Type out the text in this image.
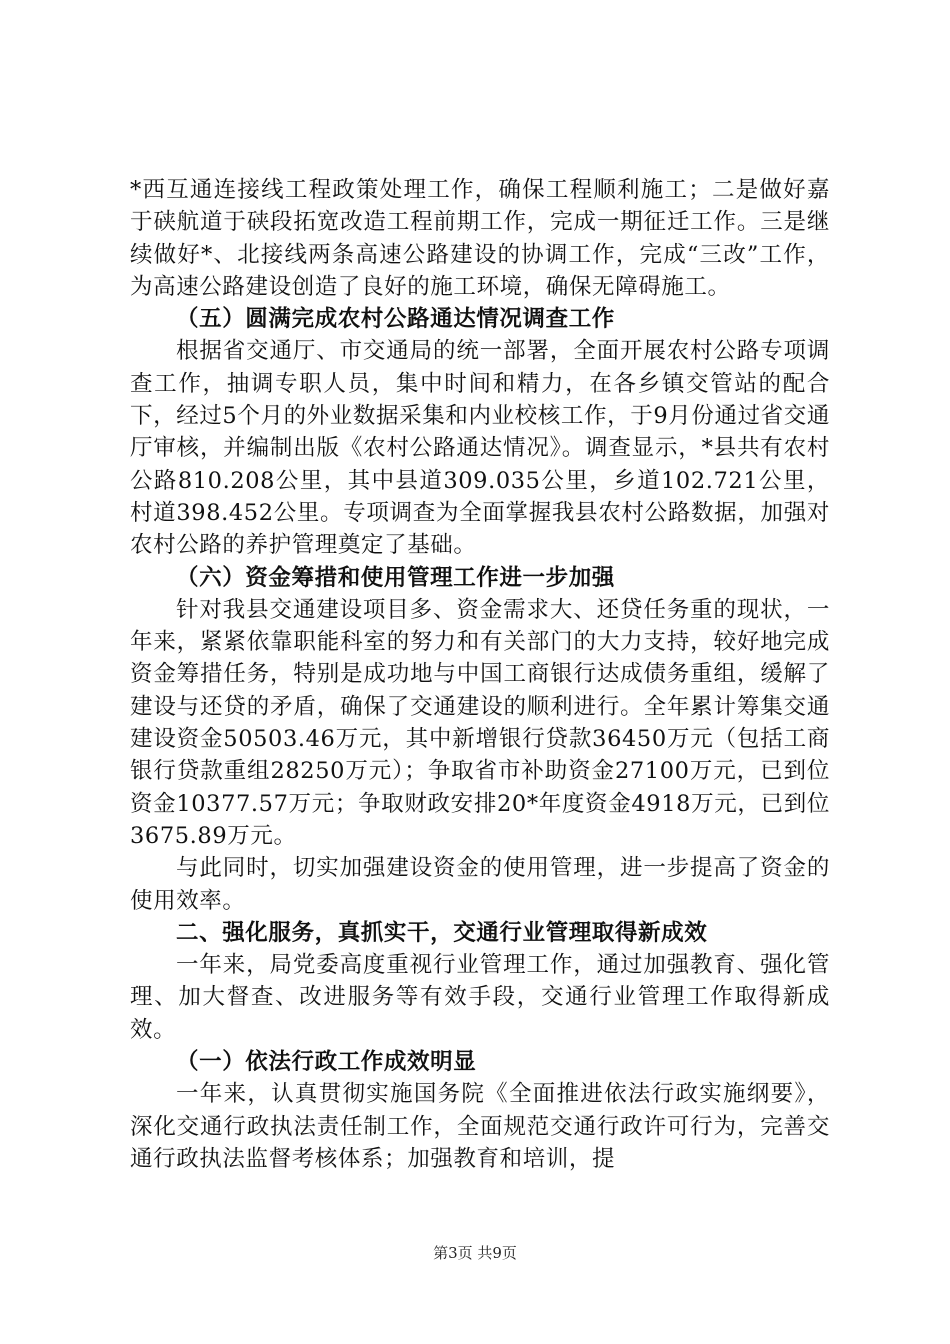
*西互通连接线工程政策处理工作，确保工程顺利施工；二是做好嘉于硖航道于硖段拓宽改造工程前期工作，完成一期征迁工作。三是继续做好*、北接线两条高速公路建设的协调工作，完成“三改”工作，为高速公路建设创造了良好的施工环境，确保无障碍施工。

（五）圆满完成农村公路通达情况调查工作

根据省交通厅、市交通局的统一部署，全面开展农村公路专项调查工作，抽调专职人员，集中时间和精力，在各乡镇交管站的配合下，经过5个月的外业数据采集和内业校核工作，于9月份通过省交通厅审核，并编制出版《农村公路通达情况》。调查显示，*县共有农村公路810.208公里，其中县道309.035公里，乡道102.721公里，村道398.452公里。专项调查为全面掌握我县农村公路数据，加强对农村公路的养护管理奠定了基础。

（六）资金筹措和使用管理工作进一步加强

针对我县交通建设项目多、资金需求大、还贷任务重的现状，一年来，紧紧依靠职能科室的努力和有关部门的大力支持，较好地完成资金筹措任务，特别是成功地与中国工商银行达成债务重组，缓解了建设与还贷的矛盾，确保了交通建设的顺利进行。全年累计筹集交通建设资金50503.46万元，其中新增银行贷款36450万元（包括工商银行贷款重组28250万元）；争取省市补助资金27100万元，已到位资金10377.57万元；争取财政安排20*年度资金4918万元，已到位3675.89万元。

与此同时，切实加强建设资金的使用管理，进一步提高了资金的使用效率。

二、强化服务，真抓实干，交通行业管理取得新成效

一年来，局党委高度重视行业管理工作，通过加强教育、强化管理、加大督查、改进服务等有效手段，交通行业管理工作取得新成效。

（一）依法行政工作成效明显

一年来，认真贯彻实施国务院《全面推进依法行政实施纲要》，深化交通行政执法责任制工作，全面规范交通行政许可行为，完善交通行政执法监督考核体系；加强教育和培训，提

第3页 共9页
